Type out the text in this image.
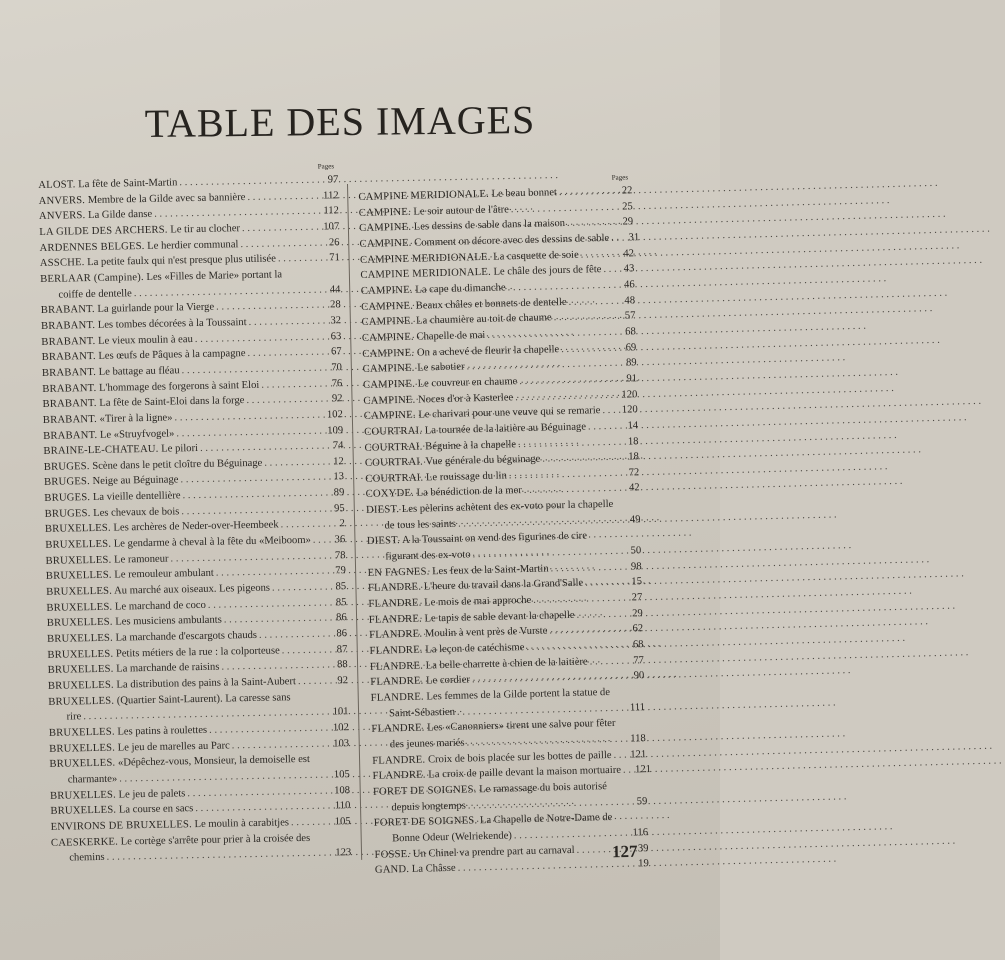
TABLE DES IMAGES
Pages
ALOST. La fête de Saint-Martin . . .	97
ANVERS. Membre de la Gilde avec sa bannière . . .	112
ANVERS. La Gilde danse . . .	112
LA GILDE DES ARCHERS. Le tir au clocher . . .	107
ARDENNES BELGES. Le herdier communal . . .	26
ASSCHE. La petite faulx qui n'est presque plus utilisée . . .	71
BERLAAR (Campine). Les «Filles de Marie» portant la
coiffe de dentelle . . .	44
BRABANT. La guirlande pour la Vierge . . .	28
BRABANT. Les tombes décorées à la Toussaint . . .	32
BRABANT. Le vieux moulin à eau . . .	63
BRABANT. Les œufs de Pâques à la campagne . . .	67
BRABANT. Le battage au fléau . . .	70
BRABANT. L'hommage des forgerons à saint Eloi . . .	76
BRABANT. La fête de Saint-Eloi dans la forge . . .	92
BRABANT. «Tirer à la ligne» . . .	102
BRABANT. Le «Struyfvogel» . . .	109
BRAINE-LE-CHATEAU. Le pilori . . .	74
BRUGES. Scène dans le petit cloître du Béguinage . . .	12
BRUGES. Neige au Béguinage . . .	13
BRUGES. La vieille dentellière . . .	89
BRUGES. Les chevaux de bois . . .	95
BRUXELLES. Les archères de Neder-over-Heembeek . . .	2
BRUXELLES. Le gendarme à cheval à la fête du «Meiboom» . . .	36
BRUXELLES. Le ramoneur . . .	78
BRUXELLES. Le remouleur ambulant . . .	79
BRUXELLES. Au marché aux oiseaux. Les pigeons . . .	85
BRUXELLES. Le marchand de coco . . .	85
BRUXELLES. Les musiciens ambulants . . .	86
BRUXELLES. La marchande d'escargots chauds . . .	86
BRUXELLES. Petits métiers de la rue : la colporteuse . . .	87
BRUXELLES. La marchande de raisins . . .	88
BRUXELLES. La distribution des pains à la Saint-Aubert . . .	92
BRUXELLES. (Quartier Saint-Laurent). La caresse sans
rire . . .	101
BRUXELLES. Les patins à roulettes . . .	102
BRUXELLES. Le jeu de marelles au Parc . . .	103
BRUXELLES. «Dépêchez-vous, Monsieur, la demoiselle est
charmante» . . .	105
BRUXELLES. Le jeu de palets . . .	108
BRUXELLES. La course en sacs . . .	110
ENVIRONS DE BRUXELLES. Le moulin à carabitjes . . .	105
CAESKERKE. Le cortège s'arrête pour prier à la croisée des
chemins . . .	123
Pages
CAMPINE MERIDIONALE. Le beau bonnet . . .	22
CAMPINE. Le soir autour de l'âtre . . .	25
CAMPINE. Les dessins de sable dans la maison . . .	29
CAMPINE. Comment on décore avec des dessins de sable . . .	31
CAMPINE MERIDIONALE. La casquette de soie . . .	42
CAMPINE MERIDIONALE. Le châle des jours de fête . . .	43
CAMPINE. La cape du dimanche . . .	46
CAMPINE. Beaux châles et bonnets de dentelle . . .	48
CAMPINE. La chaumière au toit de chaume . . .	57
CAMPINE. Chapelle de mai . . .	68
CAMPINE. On a achevé de fleurir la chapelle . . .	69
CAMPINE. Le sabotier . . .	89
CAMPINE. Le couvreur en chaume . . .	91
CAMPINE. Noces d'or à Kasterlee . . .	120
CAMPINE. Le charivari pour une veuve qui se remarie . . .	120
COURTRAI. La tournée de la laitière au Béguinage . . .	14
COURTRAI. Béguine à la chapelle . . .	18
COURTRAI. Vue générale du béguinage . . .	18
COURTRAI. Le rouissage du lin . . .	72
COXYDE. La bénédiction de la mer . . .	42
DIEST. Les pèlerins achètent des ex-voto pour la chapelle
de tous les saints . . .	49
DIEST. A la Toussaint on vend des figurines de cire
figurant des ex-voto . . .	50
EN FAGNES. Les feux de la Saint-Martin . . .	98
FLANDRE. L'heure du travail dans la Grand'Salle . . .	15
FLANDRE. Le mois de mai approche . . .	27
FLANDRE. Le tapis de sable devant la chapelle . . .	29
FLANDRE. Moulin à vent près de Vurste . . .	62
FLANDRE. La leçon de catéchisme . . .	68
FLANDRE. La belle charrette à chien de la laitière . . .	77
FLANDRE. Le cordier . . .	90
FLANDRE. Les femmes de la Gilde portent la statue de
Saint-Sébastien . . .	111
FLANDRE. Les «Canonniers» tirent une salve pour fêter
des jeunes mariés . . .	118
FLANDRE. Croix de bois placée sur les bottes de paille . . .	121
FLANDRE. La croix de paille devant la maison mortuaire . . .	121
FORET DE SOIGNES. Le ramassage du bois autorisé
depuis longtemps . . .	59
FORET DE SOIGNES. La Chapelle de Notre-Dame de
Bonne Odeur (Welriekende) . . .	116
FOSSE. Un Chinel va prendre part au carnaval . . .	39
GAND. La Châsse . . .	19
127
